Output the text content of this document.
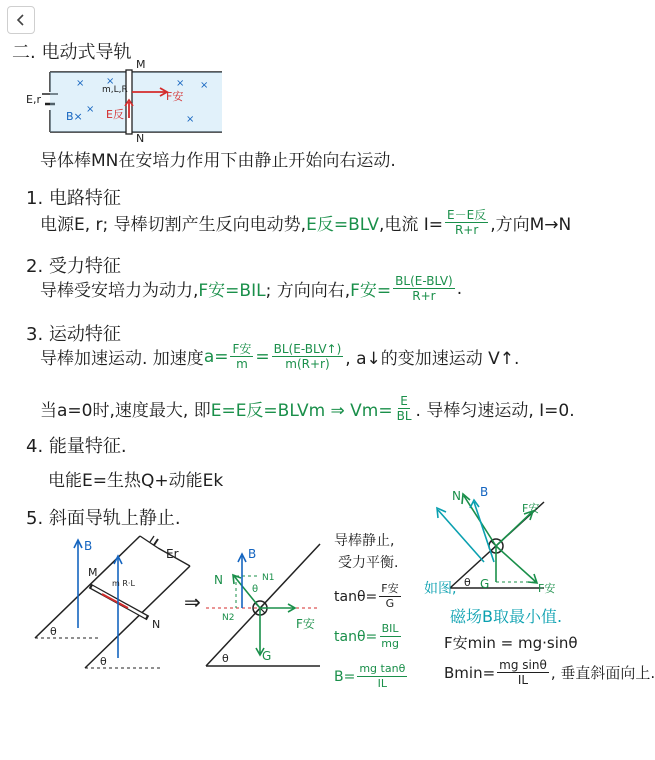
二. 电动式导轨
E,r
M
N
m,L,R	F安
E反
B×
× ×	× ×
×
×
导体棒MN在安培力作用下由静止开始向右运动.
1. 电路特征
电源E, r; 导棒切割产生反向电动势, E反=BLV ,电流 $I= \frac{\text{E－E反}}{R+r}$ ,方向M→N
2. 受力特征
导棒受安培力为动力, F安=BIL ; 方向向右, F安= $\frac{\text{BL(E-BLV)}}{R+r}$ .
3. 运动特征
导棒加速运动. 加速度 $a= \frac{\text{F安}}{m} = \frac{\text{BL(E-BLV↑)}}{m(R+r)}$ , a↓的变加速运动 V↑.
当a=0时,速度最大, 即 E=E反=BLVm ⇒ $Vm= \frac{E}{BL}$ . 导棒匀速运动, I=0.
4. 能量特征.
电能E=生热Q+动能Ek
5. 斜面导轨上静止.
B
Er
M
m R·L
N
θ
θ
⇒
B
N	N1
N2
G
F安
θ
θ
导棒静止,
受力平衡.
$\tan\theta= \frac{\text{F安}}{G}$
$\tan\theta= \frac{\text{BIL}}{mg}$
$B= \frac{\text{mg tanθ}}{IL}$
N B
F安
F安
G
θ
如图,
磁场B取最小值.
F安min = mg·sinθ
$Bmin= \frac{\text{mg sinθ}}{IL}$ , 垂直斜面向上.
